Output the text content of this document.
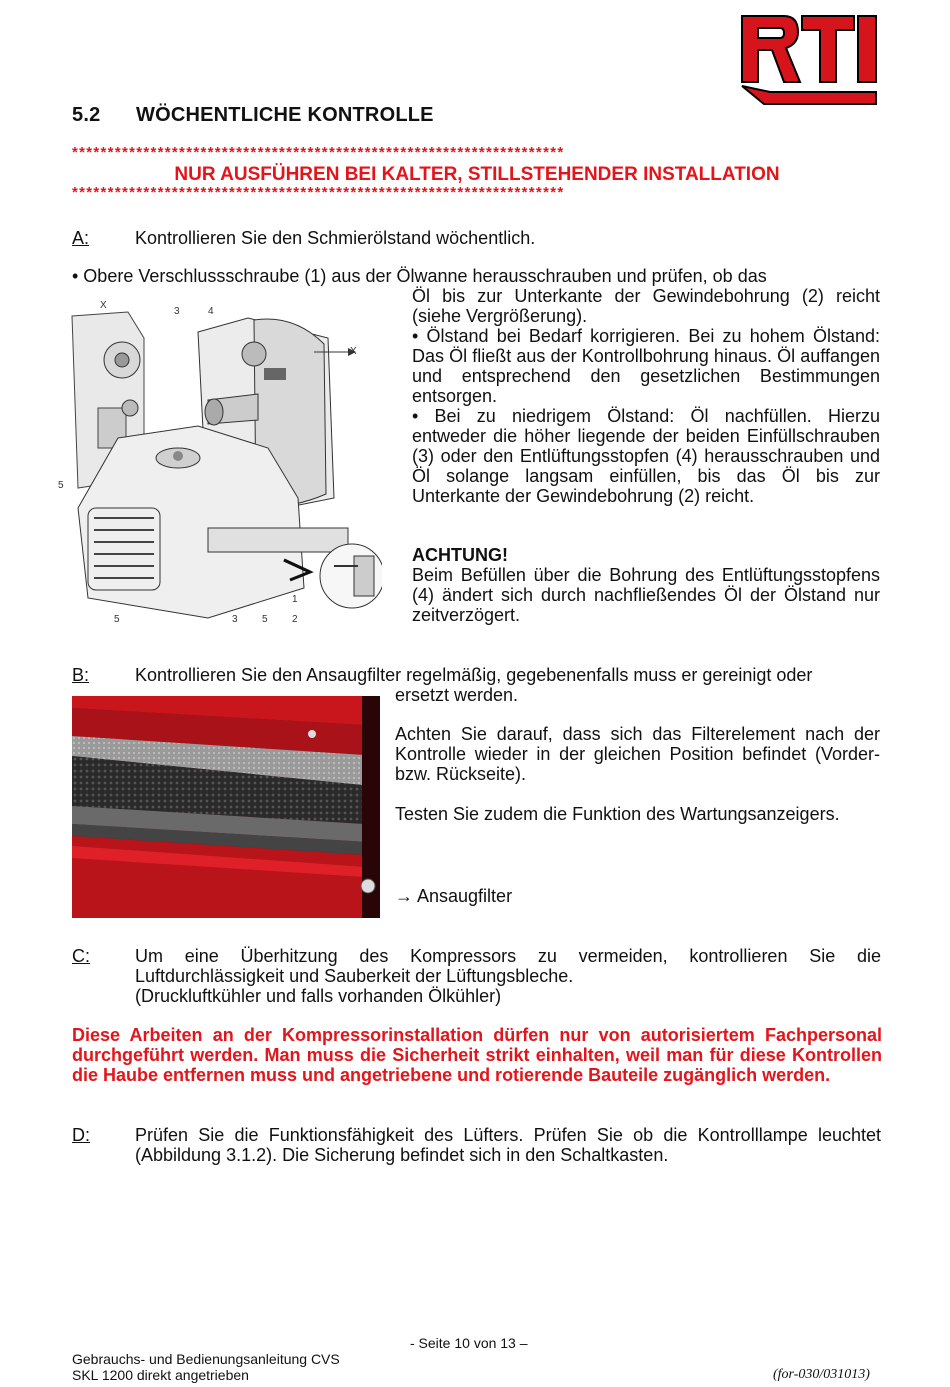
5.2 WÖCHENTLICHE KONTROLLE
*********************************************************************
NUR AUSFÜHREN BEI KALTER, STILLSTEHENDER INSTALLATION
*********************************************************************
A:	Kontrollieren Sie den Schmierölstand wöchentlich.
• Obere Verschlussschraube (1) aus der Ölwanne herausschrauben und prüfen, ob das
Öl bis zur Unterkante der Gewindebohrung (2) reicht (siehe Vergrößerung).
• Ölstand bei Bedarf korrigieren. Bei zu hohem Ölstand: Das Öl fließt aus der Kontrollbohrung hinaus. Öl auffangen und entsprechend den gesetzlichen Bestimmungen entsorgen.
• Bei zu niedrigem Ölstand: Öl nachfüllen. Hierzu entweder die höher liegende der beiden Einfüllschrauben (3) oder den Entlüftungsstopfen (4) herausschrauben und Öl solange langsam einfüllen, bis das Öl bis zur Unterkante der Gewindebohrung (2) reicht.
ACHTUNG!
Beim Befüllen über die Bohrung des Entlüftungsstopfens (4) ändert sich durch nachfließendes Öl der Ölstand nur zeitverzögert.
X
3	4
X
5
5	3 5 2
1
B:	Kontrollieren Sie den Ansaugfilter regelmäßig, gegebenenfalls muss er gereinigt oder
ersetzt werden.
Achten Sie darauf, dass sich das Filterelement nach der Kontrolle wieder in der gleichen Position befindet (Vorder- bzw. Rückseite).
Testen Sie zudem die Funktion des Wartungsanzeigers.
→ Ansaugfilter
C:	Um eine Überhitzung des Kompressors zu vermeiden, kontrollieren Sie die Luftdurchlässigkeit und Sauberkeit der Lüftungsbleche.
(Druckluftkühler und falls vorhanden Ölkühler)
Diese Arbeiten an der Kompressorinstallation dürfen nur von autorisiertem Fachpersonal durchgeführt werden. Man muss die Sicherheit strikt einhalten, weil man für diese Kontrollen die Haube entfernen muss und angetriebene und rotierende Bauteile zugänglich werden.
D:	Prüfen Sie die Funktionsfähigkeit des Lüfters. Prüfen Sie ob die Kontrolllampe leuchtet (Abbildung 3.1.2). Die Sicherung befindet sich in den Schaltkasten.
- Seite 10 von 13 –
Gebrauchs- und Bedienungsanleitung CVS
SKL 1200 direkt angetrieben	(for-030/031013)
